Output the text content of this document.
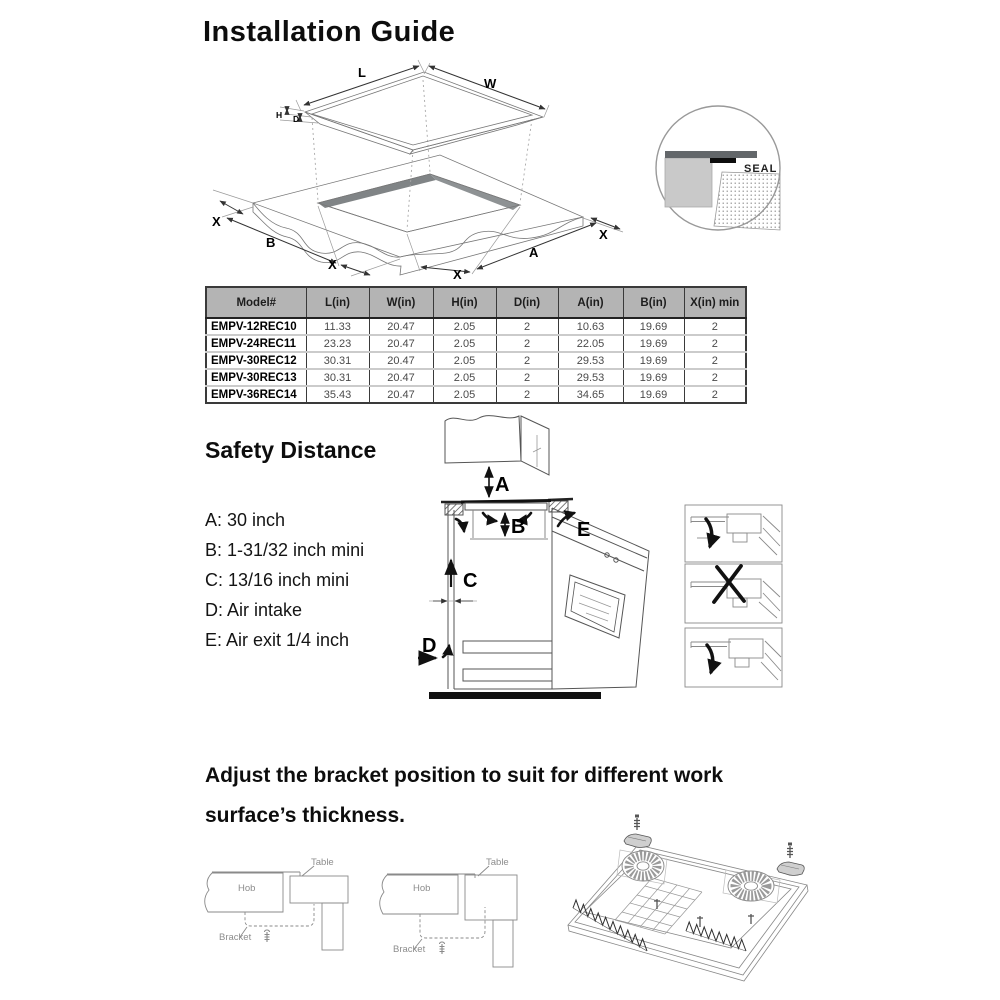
Installation Guide
L
W
H D
X
B
X
X
A
X
SEAL
Model#	L(in)	W(in)	H(in)	D(in)	A(in)	B(in)	X(in) min
EMPV-12REC10	11.33	20.47	2.05	2	10.63	19.69	2
EMPV-24REC11	23.23	20.47	2.05	2	22.05	19.69	2
EMPV-30REC12	30.31	20.47	2.05	2	29.53	19.69	2
EMPV-30REC13	30.31	20.47	2.05	2	29.53	19.69	2
EMPV-36REC14	35.43	20.47	2.05	2	34.65	19.69	2
Safety Distance
A: 30 inch
B: 1-31/32 inch mini
C: 13/16 inch mini
D: Air intake
E: Air exit 1/4 inch
A
B
C
D
E
Adjust the bracket position to suit for different work
surface’s thickness.
Hob
Table
Bracket
Hob
Table
Bracket
